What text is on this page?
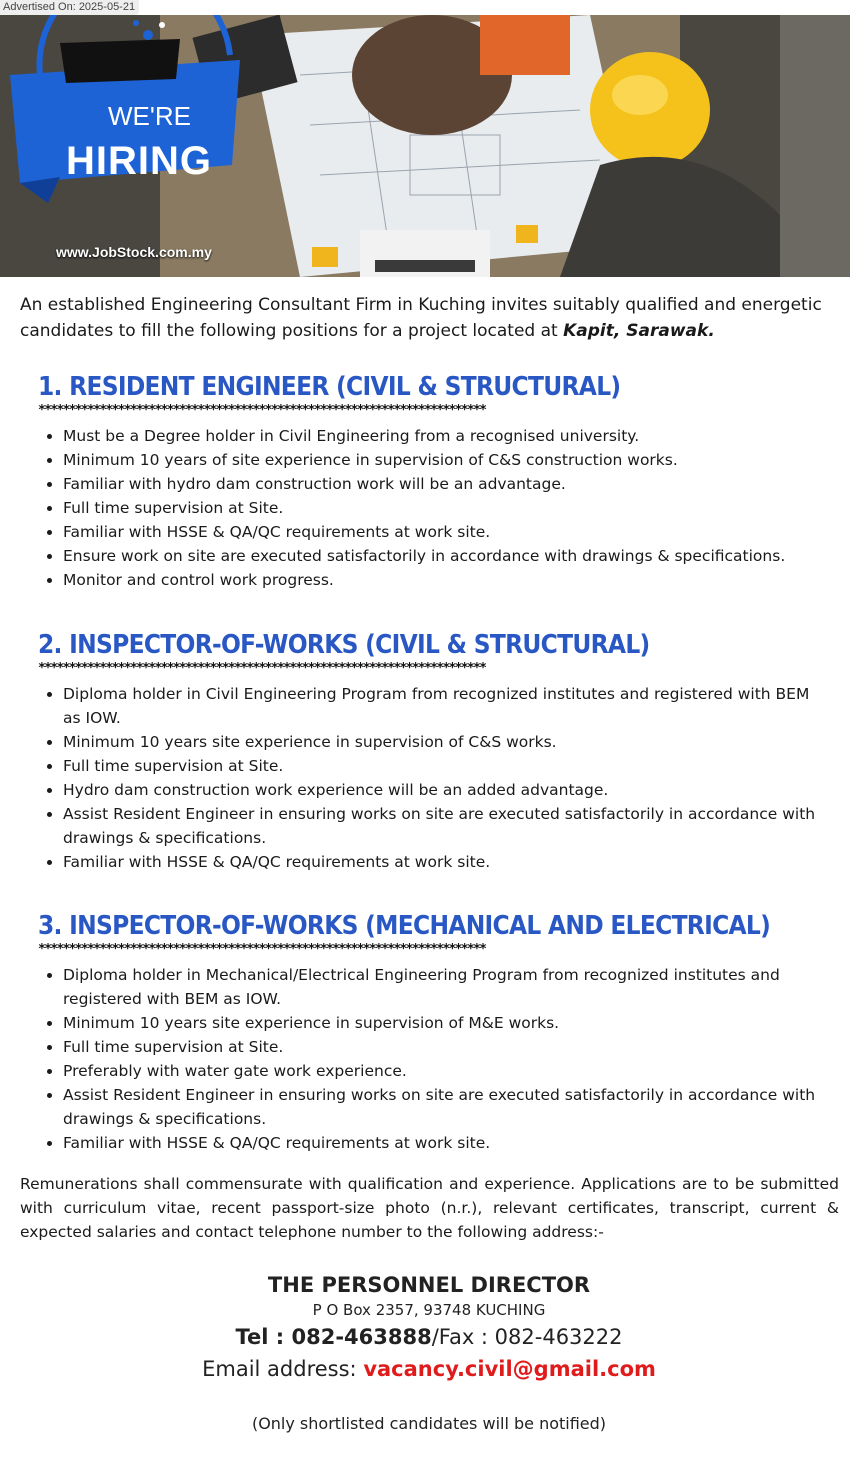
Advertised On: 2025-05-21
WE'RE
HIRING
www.JobStock.com.my
An established Engineering Consultant Firm in Kuching invites suitably qualified and energetic candidates to fill the following positions for a project located at Kapit, Sarawak.
1. RESIDENT ENGINEER (CIVIL & STRUCTURAL)
*************************************************************************
• Must be a Degree holder in Civil Engineering from a recognised university.
• Minimum 10 years of site experience in supervision of C&S construction works.
• Familiar with hydro dam construction work will be an advantage.
• Full time supervision at Site.
• Familiar with HSSE & QA/QC requirements at work site.
• Ensure work on site are executed satisfactorily in accordance with drawings & specifications.
• Monitor and control work progress.
2. INSPECTOR-OF-WORKS (CIVIL & STRUCTURAL)
*************************************************************************
• Diploma holder in Civil Engineering Program from recognized institutes and registered with BEM as IOW.
• Minimum 10 years site experience in supervision of C&S works.
• Full time supervision at Site.
• Hydro dam construction work experience will be an added advantage.
• Assist Resident Engineer in ensuring works on site are executed satisfactorily in accordance with drawings & specifications.
• Familiar with HSSE & QA/QC requirements at work site.
3. INSPECTOR-OF-WORKS (MECHANICAL AND ELECTRICAL)
*************************************************************************
• Diploma holder in Mechanical/Electrical Engineering Program from recognized institutes and registered with BEM as IOW.
• Minimum 10 years site experience in supervision of M&E works.
• Full time supervision at Site.
• Preferably with water gate work experience.
• Assist Resident Engineer in ensuring works on site are executed satisfactorily in accordance with drawings & specifications.
• Familiar with HSSE & QA/QC requirements at work site.
Remunerations shall commensurate with qualification and experience. Applications are to be submitted with curriculum vitae, recent passport-size photo (n.r.), relevant certificates, transcript, current & expected salaries and contact telephone number to the following address:-
THE PERSONNEL DIRECTOR
P O Box 2357, 93748 KUCHING
Tel : 082-463888/Fax : 082-463222
Email address: vacancy.civil@gmail.com
(Only shortlisted candidates will be notified)
